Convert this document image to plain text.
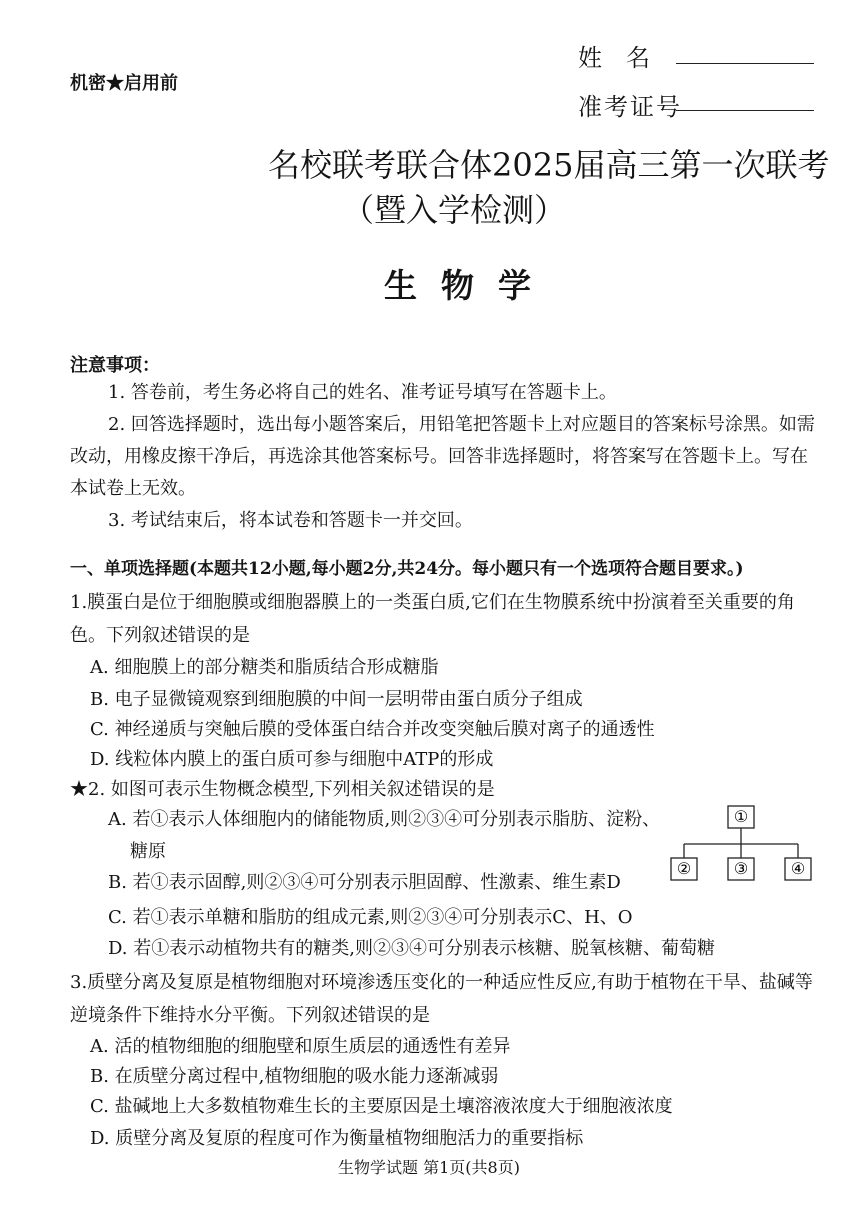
机密★启用前
姓名
准考证号
名校联考联合体2025届高三第一次联考
（暨入学检测）
生物学
注意事项：
1. 答卷前，考生务必将自己的姓名、准考证号填写在答题卡上。
2. 回答选择题时，选出每小题答案后，用铅笔把答题卡上对应题目的答案标号涂黑。如需改动，用橡皮擦干净后，再选涂其他答案标号。回答非选择题时，将答案写在答题卡上。写在本试卷上无效。
3. 考试结束后，将本试卷和答题卡一并交回。
一、单项选择题(本题共12小题,每小题2分,共24分。每小题只有一个选项符合题目要求。)
1.膜蛋白是位于细胞膜或细胞器膜上的一类蛋白质,它们在生物膜系统中扮演着至关重要的角色。下列叙述错误的是
A. 细胞膜上的部分糖类和脂质结合形成糖脂
B. 电子显微镜观察到细胞膜的中间一层明带由蛋白质分子组成
C. 神经递质与突触后膜的受体蛋白结合并改变突触后膜对离子的通透性
D. 线粒体内膜上的蛋白质可参与细胞中ATP的形成
★2. 如图可表示生物概念模型,下列相关叙述错误的是
A. 若①表示人体细胞内的储能物质,则②③④可分别表示脂肪、淀粉、
糖原
B. 若①表示固醇,则②③④可分别表示胆固醇、性激素、维生素D
C. 若①表示单糖和脂肪的组成元素,则②③④可分别表示C、H、O
D. 若①表示动植物共有的糖类,则②③④可分别表示核糖、脱氧核糖、葡萄糖
①
②	③	④
3.质壁分离及复原是植物细胞对环境渗透压变化的一种适应性反应,有助于植物在干旱、盐碱等逆境条件下维持水分平衡。下列叙述错误的是
A. 活的植物细胞的细胞壁和原生质层的通透性有差异
B. 在质壁分离过程中,植物细胞的吸水能力逐渐减弱
C. 盐碱地上大多数植物难生长的主要原因是土壤溶液浓度大于细胞液浓度
D. 质壁分离及复原的程度可作为衡量植物细胞活力的重要指标
生物学试题 第1页(共8页)
